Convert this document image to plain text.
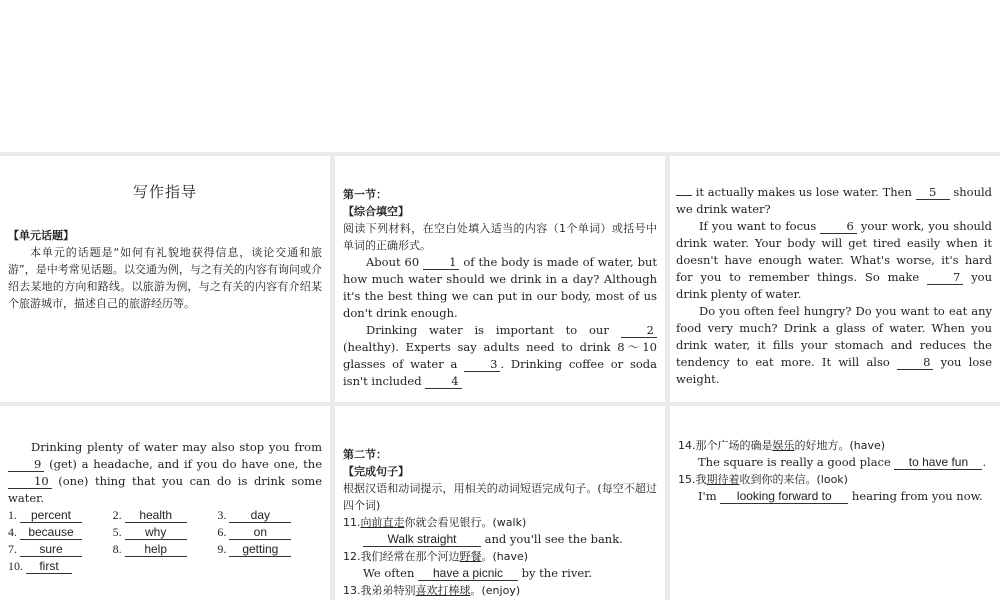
写作指导
【单元话题】

本单元的话题是“如何有礼貌地获得信息，谈论交通和旅游”，是中考常见话题。以交通为例，与之有关的内容有询问或介绍去某地的方向和路线。以旅游为例，与之有关的内容有介绍某个旅游城市，描述自己的旅游经历等。

第一节：
【综合填空】

阅读下列材料，在空白处填入适当的内容（1个单词）或括号中单词的正确形式。

About 60	1 of the body is made of water, but how much water should we drink in a day? Although it's the best thing we can put in our body, most of us don't drink enough.

Drinking water is important to our	2 (healthy). Experts say adults need to drink 8～10 glasses of water a	3 . Drinking coffee or soda isn't included	4

it actually makes us lose water. Then 5 should we drink water?

If you want to focus	6 your work, you should drink water. Your body will get tired easily when it doesn't have enough water. What's worse, it's hard for you to remember things. So make	7 you drink plenty of water.

Do you often feel hungry? Do you want to eat any food very much? Drink a glass of water. When you drink water, it fills your stomach and reduces the tendency to eat more. It will also	8 you lose weight.

Drinking plenty of water may also stop you from 9 (get) a headache, and if you do have one, the 10 (one) thing that you can do is drink some water.

1. percent	2. health	3. day
4. because	5. why	6. on
7. sure	8. help	9. getting
10. first
第二节：
【完成句子】

根据汉语和动词提示，用相关的动词短语完成句子。(每空不超过四个词)

11.向前直走你就会看见银行。(walk)
Walk straight and you'll see the bank.
12.我们经常在那个河边野餐。(have)
We often have a picnic by the river.
13.我弟弟特别喜欢打棒球。(enjoy)
14.那个广场的确是娱乐的好地方。(have)
The square is really a good place to have fun .
15.我期待着收到你的来信。(look)
I'm looking forward to hearing from you now.
